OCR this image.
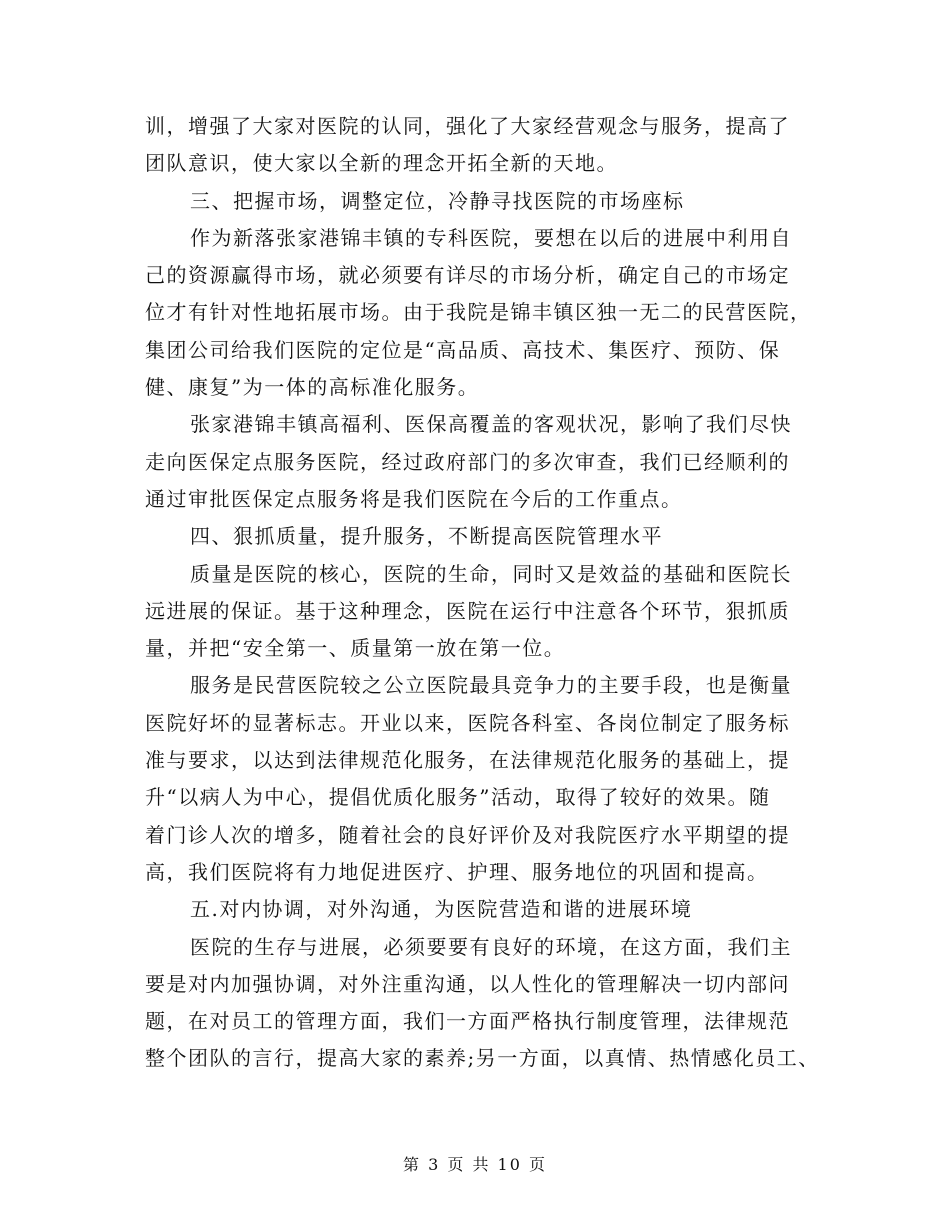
训，增强了大家对医院的认同，强化了大家经营观念与服务，提高了
团队意识，使大家以全新的理念开拓全新的天地。
三、把握市场，调整定位，冷静寻找医院的市场座标
作为新落张家港锦丰镇的专科医院，要想在以后的进展中利用自
己的资源赢得市场，就必须要有详尽的市场分析，确定自己的市场定
位才有针对性地拓展市场。由于我院是锦丰镇区独一无二的民营医院，
集团公司给我们医院的定位是“高品质、高技术、集医疗、预防、保
健、康复”为一体的高标准化服务。
张家港锦丰镇高福利、医保高覆盖的客观状况，影响了我们尽快
走向医保定点服务医院，经过政府部门的多次审查，我们已经顺利的
通过审批医保定点服务将是我们医院在今后的工作重点。
四、狠抓质量，提升服务，不断提高医院管理水平
质量是医院的核心，医院的生命，同时又是效益的基础和医院长
远进展的保证。基于这种理念，医院在运行中注意各个环节，狠抓质
量，并把“安全第一、质量第一放在第一位。
服务是民营医院较之公立医院最具竞争力的主要手段，也是衡量
医院好坏的显著标志。开业以来，医院各科室、各岗位制定了服务标
准与要求，以达到法律规范化服务，在法律规范化服务的基础上，提
升“以病人为中心，提倡优质化服务”活动，取得了较好的效果。随
着门诊人次的增多，随着社会的良好评价及对我院医疗水平期望的提
高，我们医院将有力地促进医疗、护理、服务地位的巩固和提高。
五.对内协调，对外沟通，为医院营造和谐的进展环境
医院的生存与进展，必须要要有良好的环境，在这方面，我们主
要是对内加强协调，对外注重沟通，以人性化的管理解决一切内部问
题，在对员工的管理方面，我们一方面严格执行制度管理，法律规范
整个团队的言行，提高大家的素养;另一方面，以真情、热情感化员工、
第 3 页 共 10 页
